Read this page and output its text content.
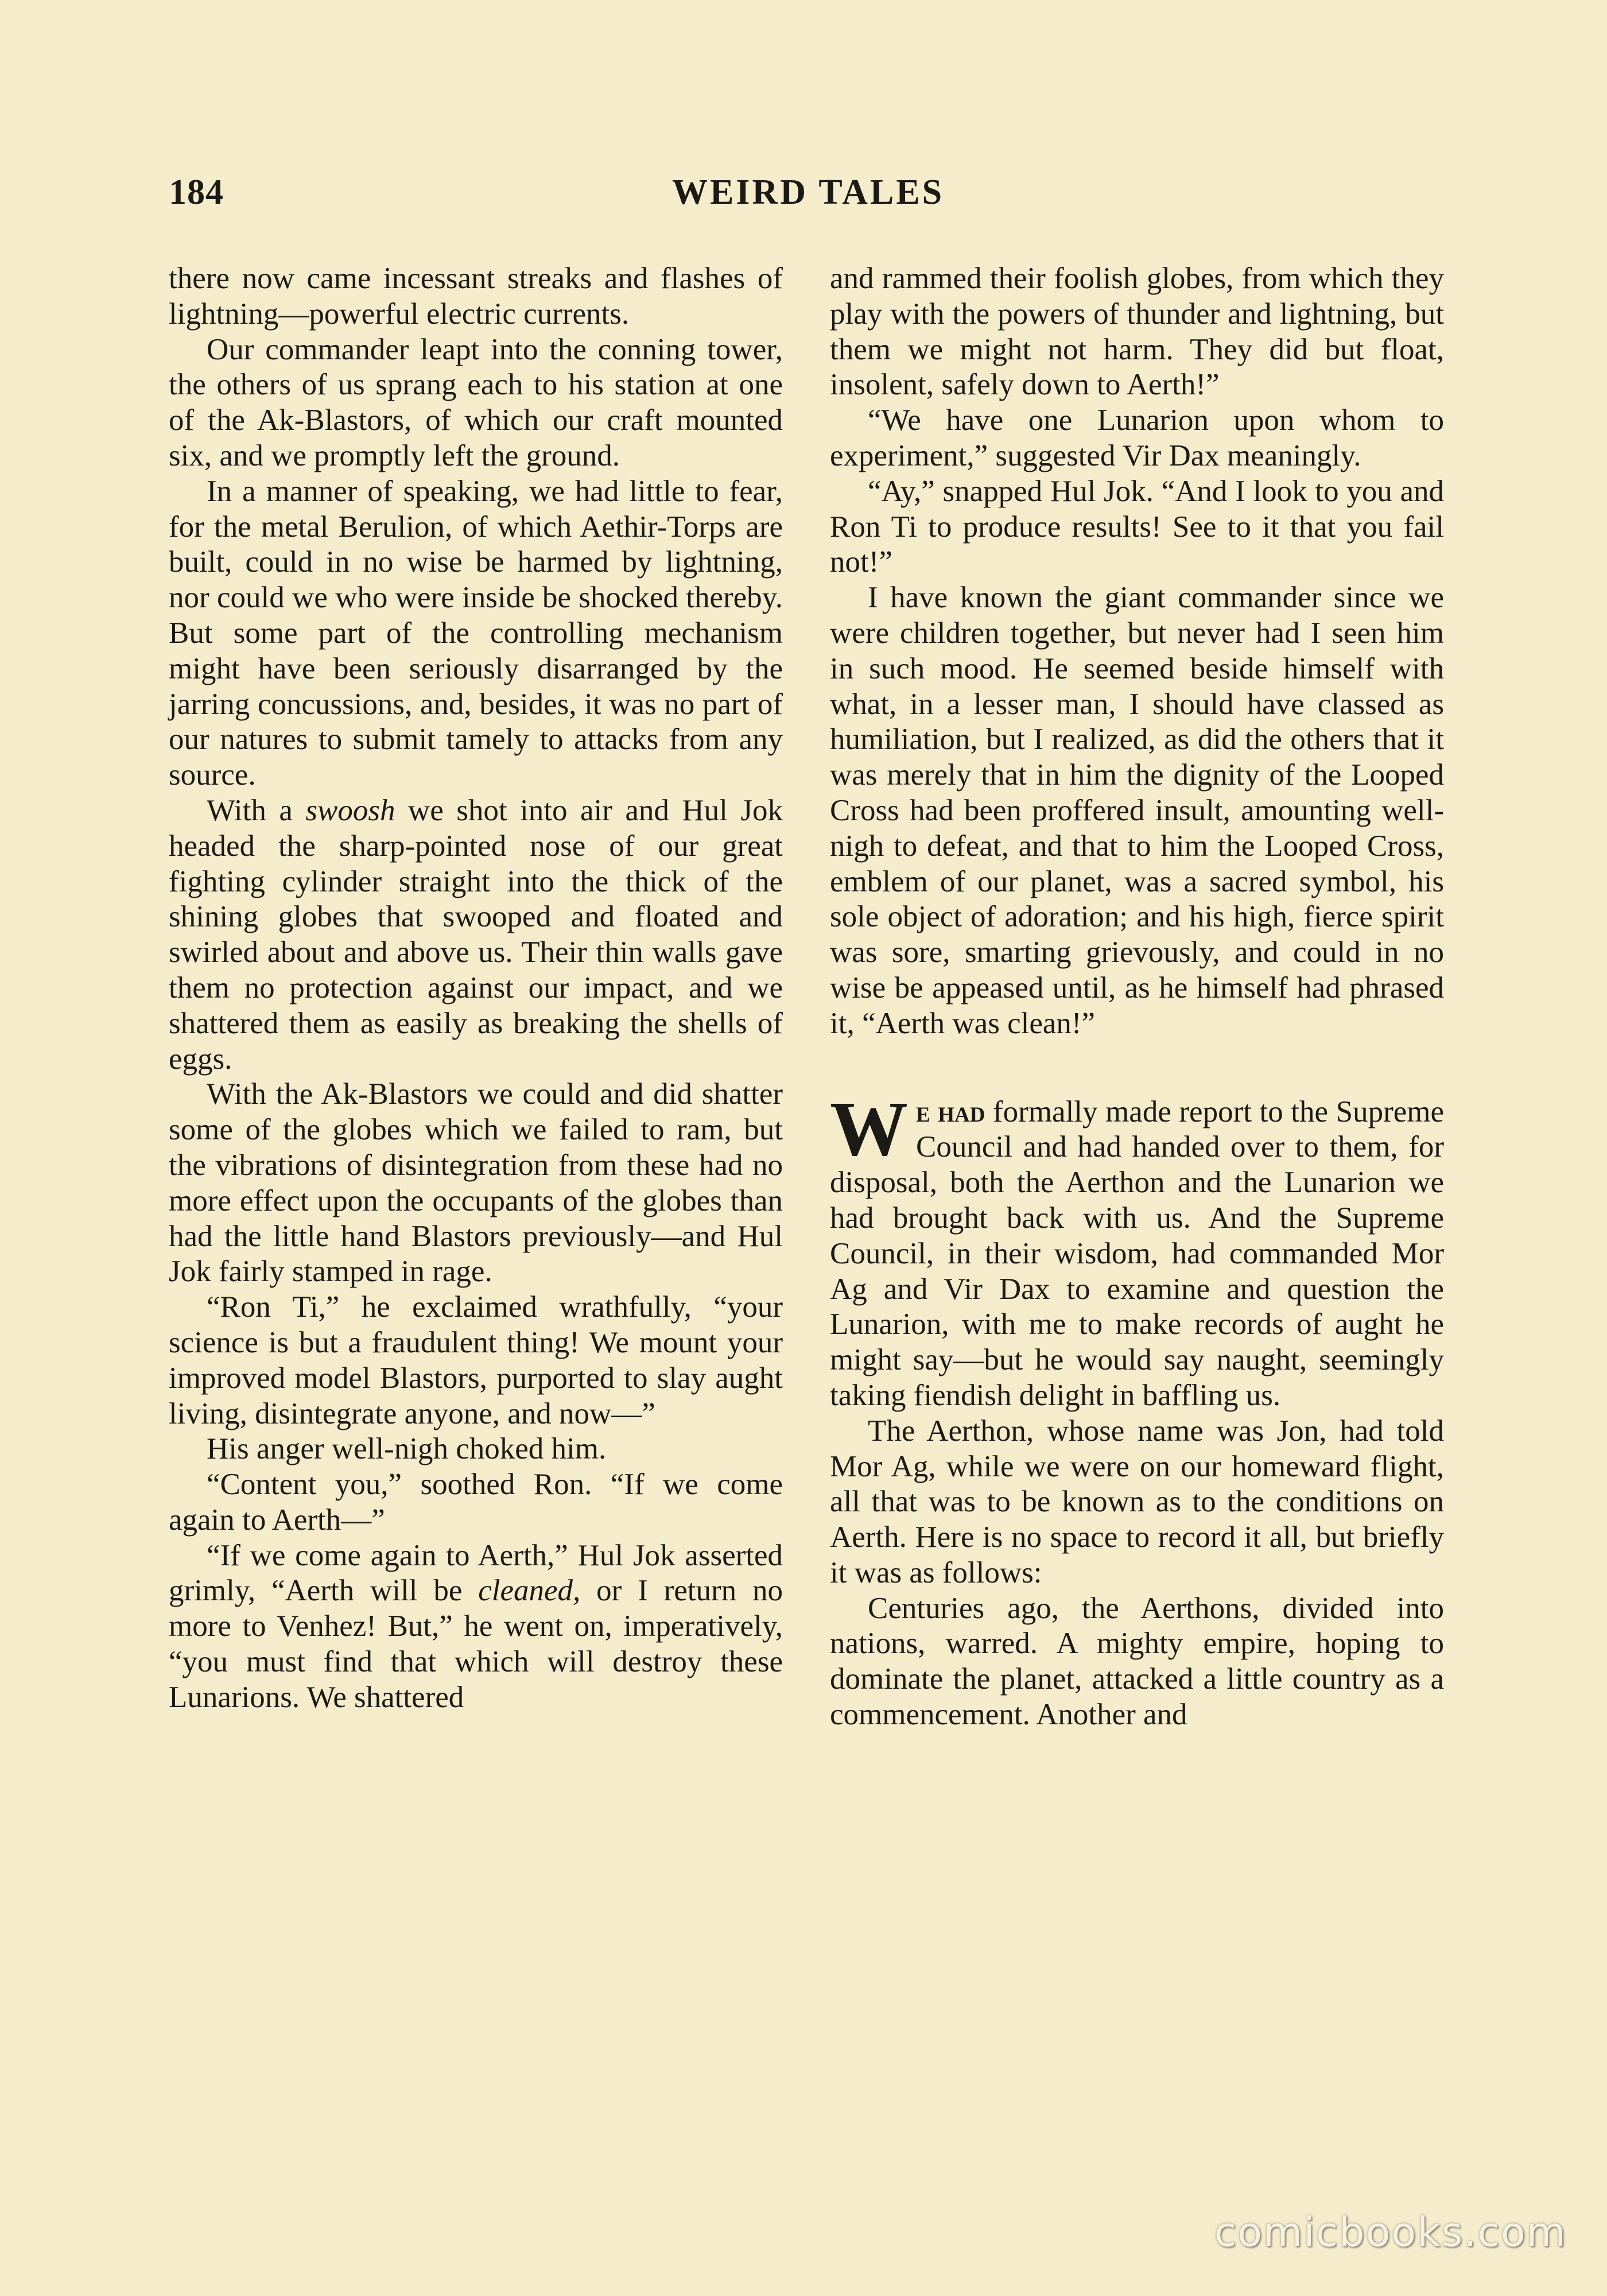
184	WEIRD TALES

there now came incessant streaks and flashes of lightning—powerful electric currents.

Our commander leapt into the conning tower, the others of us sprang each to his station at one of the Ak-Blastors, of which our craft mounted six, and we promptly left the ground.

In a manner of speaking, we had little to fear, for the metal Berulion, of which Aethir-Torps are built, could in no wise be harmed by lightning, nor could we who were inside be shocked thereby. But some part of the controlling mechanism might have been seriously disarranged by the jarring concussions, and, besides, it was no part of our natures to submit tamely to attacks from any source.

With a swoosh we shot into air and Hul Jok headed the sharp-pointed nose of our great fighting cylinder straight into the thick of the shining globes that swooped and floated and swirled about and above us. Their thin walls gave them no protection against our impact, and we shattered them as easily as breaking the shells of eggs.

With the Ak-Blastors we could and did shatter some of the globes which we failed to ram, but the vibrations of disintegration from these had no more effect upon the occupants of the globes than had the little hand Blastors previously—and Hul Jok fairly stamped in rage.

“Ron Ti,” he exclaimed wrathfully, “your science is but a fraudulent thing! We mount your improved model Blastors, purported to slay aught living, disintegrate anyone, and now—”

His anger well-nigh choked him.

“Content you,” soothed Ron. “If we come again to Aerth—”

“If we come again to Aerth,” Hul Jok asserted grimly, “Aerth will be cleaned, or I return no more to Venhez! But,” he went on, imperatively, “you must find that which will destroy these Lunarions. We shattered

and rammed their foolish globes, from which they play with the powers of thunder and lightning, but them we might not harm. They did but float, insolent, safely down to Aerth!”

“We have one Lunarion upon whom to experiment,” suggested Vir Dax meaningly.

“Ay,” snapped Hul Jok. “And I look to you and Ron Ti to produce results! See to it that you fail not!”

I have known the giant commander since we were children together, but never had I seen him in such mood. He seemed beside himself with what, in a lesser man, I should have classed as humiliation, but I realized, as did the others that it was merely that in him the dignity of the Looped Cross had been proffered insult, amounting well-nigh to defeat, and that to him the Looped Cross, emblem of our planet, was a sacred symbol, his sole object of adoration; and his high, fierce spirit was sore, smarting grievously, and could in no wise be appeased until, as he himself had phrased it, “Aerth was clean!”

We had formally made report to the Supreme Council and had handed over to them, for disposal, both the Aerthon and the Lunarion we had brought back with us. And the Supreme Council, in their wisdom, had commanded Mor Ag and Vir Dax to examine and question the Lunarion, with me to make records of aught he might say—but he would say naught, seemingly taking fiendish delight in baffling us.

The Aerthon, whose name was Jon, had told Mor Ag, while we were on our homeward flight, all that was to be known as to the conditions on Aerth. Here is no space to record it all, but briefly it was as follows:

Centuries ago, the Aerthons, divided into nations, warred. A mighty empire, hoping to dominate the planet, attacked a little country as a commencement. Another and

comicbooks.com
